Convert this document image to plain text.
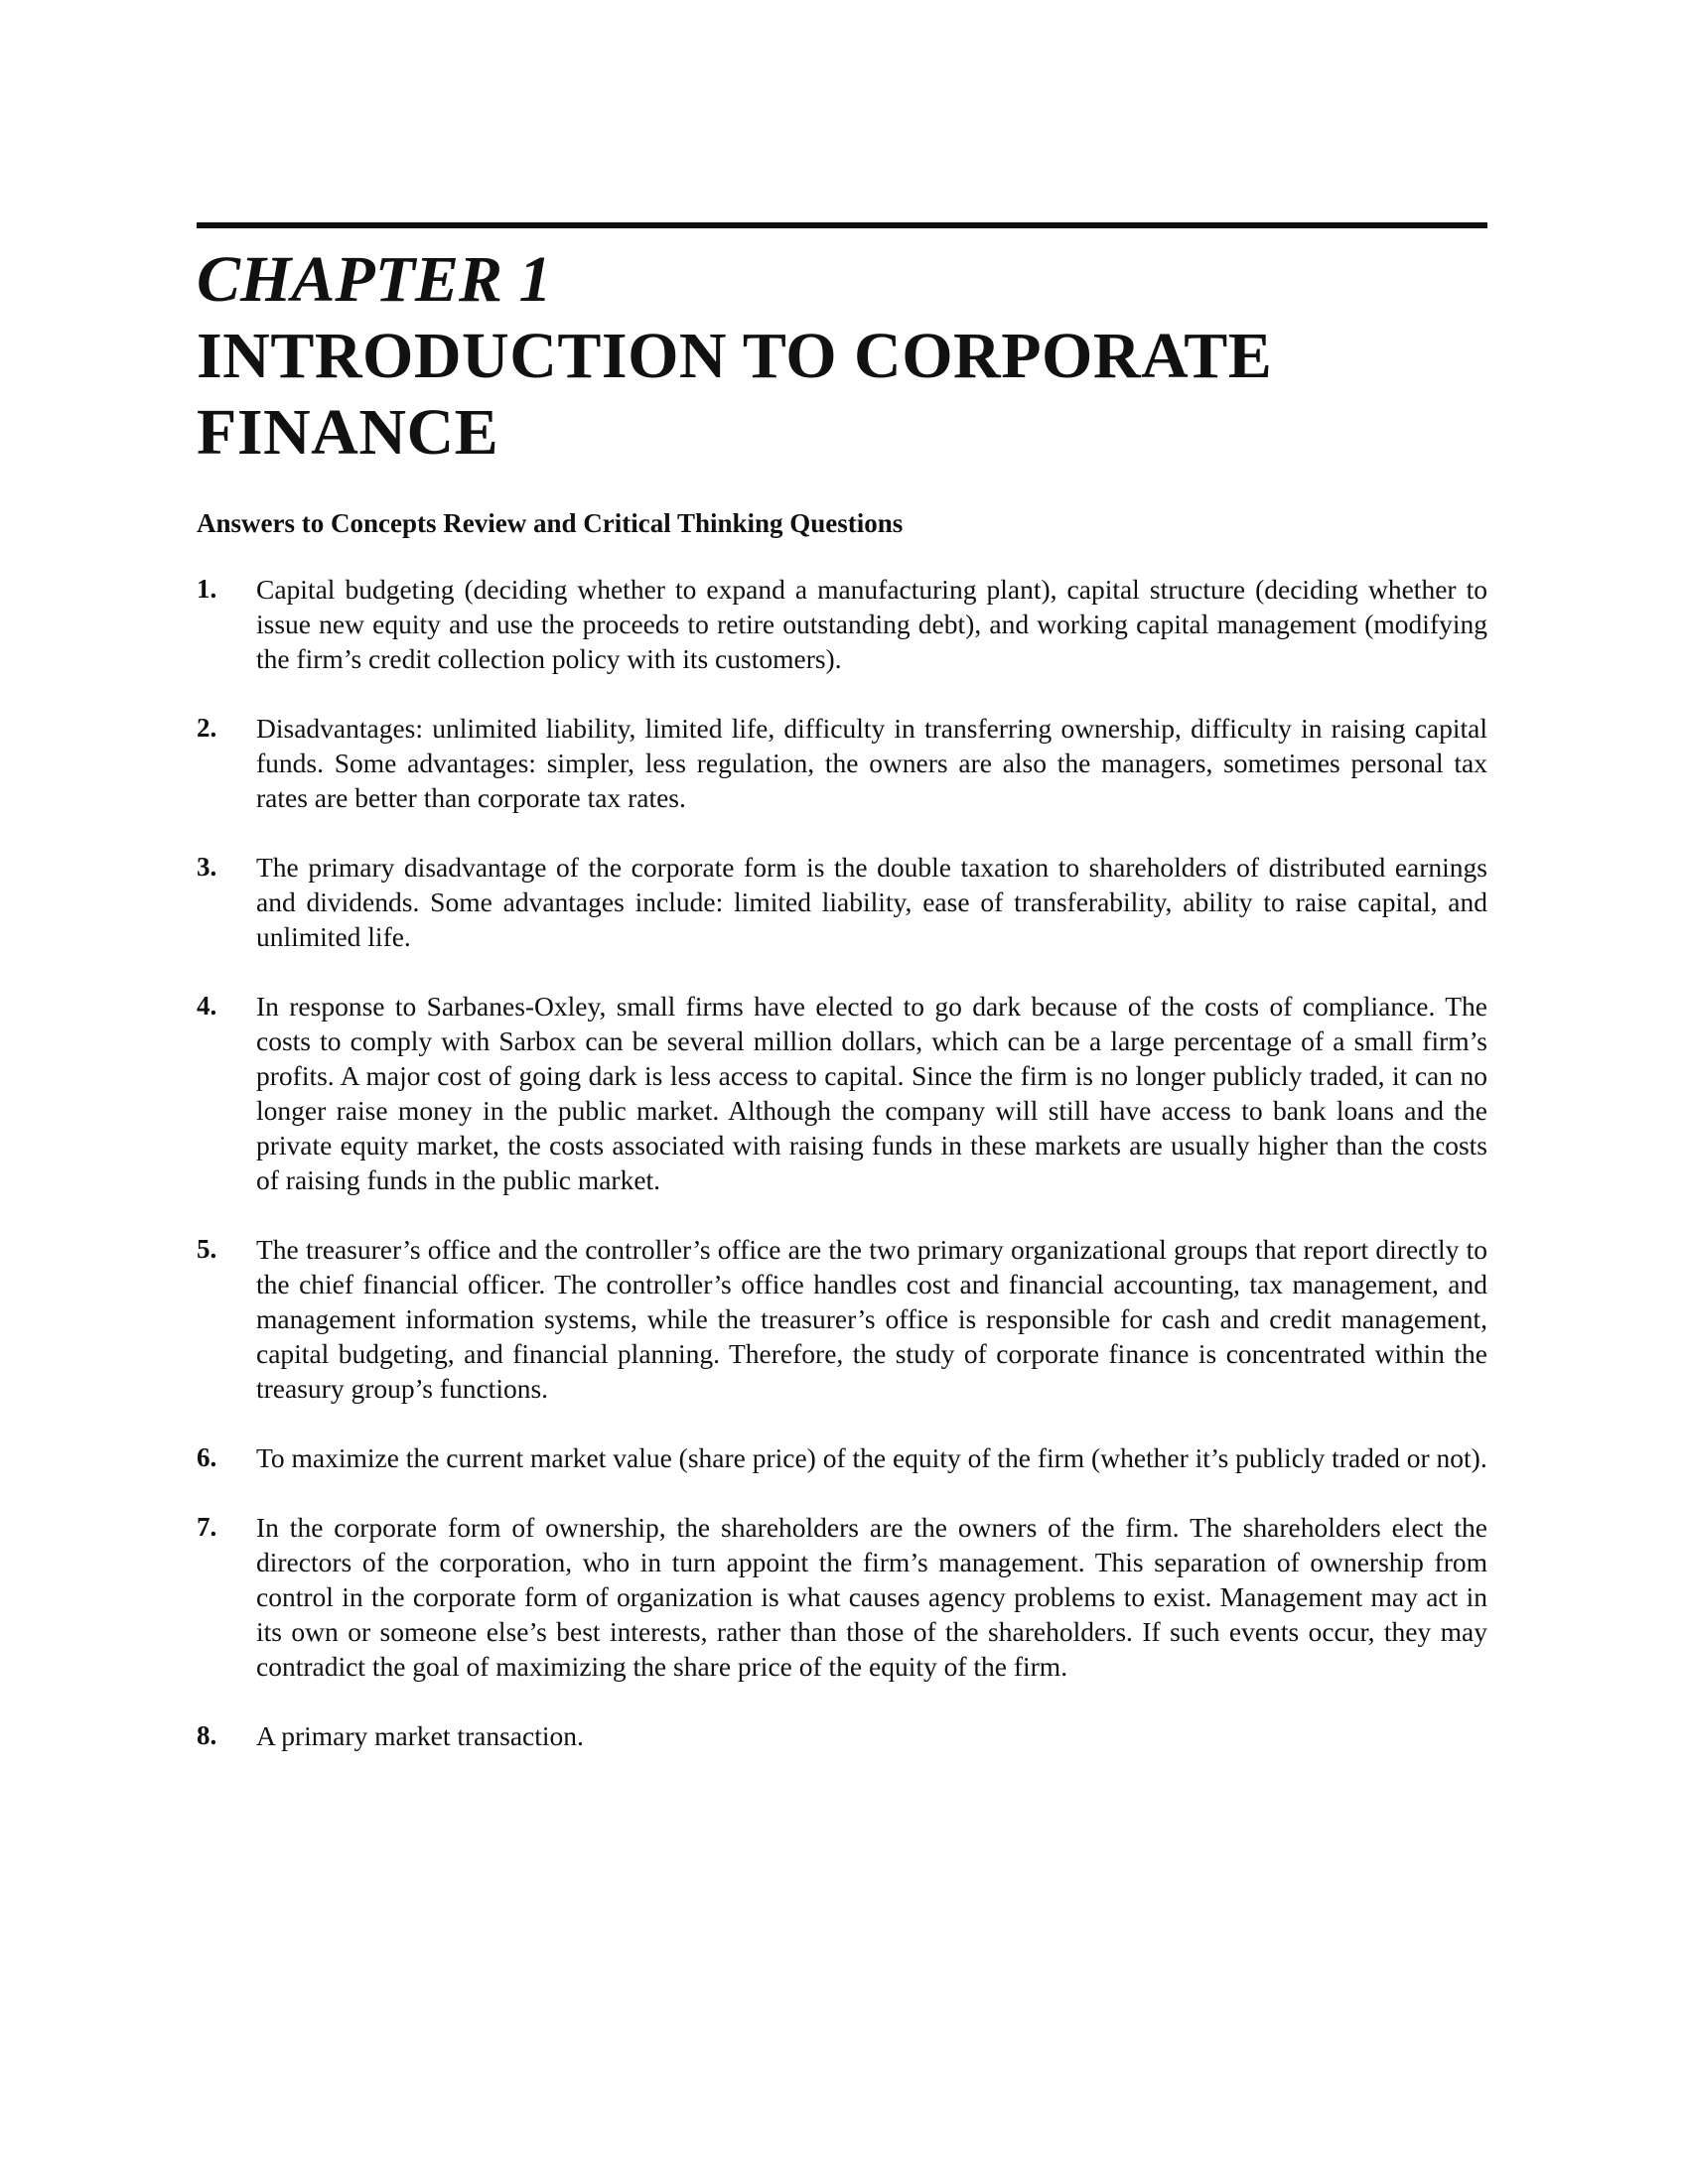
CHAPTER 1
INTRODUCTION TO CORPORATE FINANCE
Answers to Concepts Review and Critical Thinking Questions
1.	Capital budgeting (deciding whether to expand a manufacturing plant), capital structure (deciding whether to issue new equity and use the proceeds to retire outstanding debt), and working capital management (modifying the firm’s credit collection policy with its customers).
2.	Disadvantages: unlimited liability, limited life, difficulty in transferring ownership, difficulty in raising capital funds. Some advantages: simpler, less regulation, the owners are also the managers, sometimes personal tax rates are better than corporate tax rates.
3.	The primary disadvantage of the corporate form is the double taxation to shareholders of distributed earnings and dividends. Some advantages include: limited liability, ease of transferability, ability to raise capital, and unlimited life.
4.	In response to Sarbanes-Oxley, small firms have elected to go dark because of the costs of compliance. The costs to comply with Sarbox can be several million dollars, which can be a large percentage of a small firm’s profits. A major cost of going dark is less access to capital. Since the firm is no longer publicly traded, it can no longer raise money in the public market. Although the company will still have access to bank loans and the private equity market, the costs associated with raising funds in these markets are usually higher than the costs of raising funds in the public market.
5.	The treasurer’s office and the controller’s office are the two primary organizational groups that report directly to the chief financial officer. The controller’s office handles cost and financial accounting, tax management, and management information systems, while the treasurer’s office is responsible for cash and credit management, capital budgeting, and financial planning. Therefore, the study of corporate finance is concentrated within the treasury group’s functions.
6.	To maximize the current market value (share price) of the equity of the firm (whether it’s publicly traded or not).
7.	In the corporate form of ownership, the shareholders are the owners of the firm. The shareholders elect the directors of the corporation, who in turn appoint the firm’s management. This separation of ownership from control in the corporate form of organization is what causes agency problems to exist. Management may act in its own or someone else’s best interests, rather than those of the shareholders. If such events occur, they may contradict the goal of maximizing the share price of the equity of the firm.
8.	A primary market transaction.
